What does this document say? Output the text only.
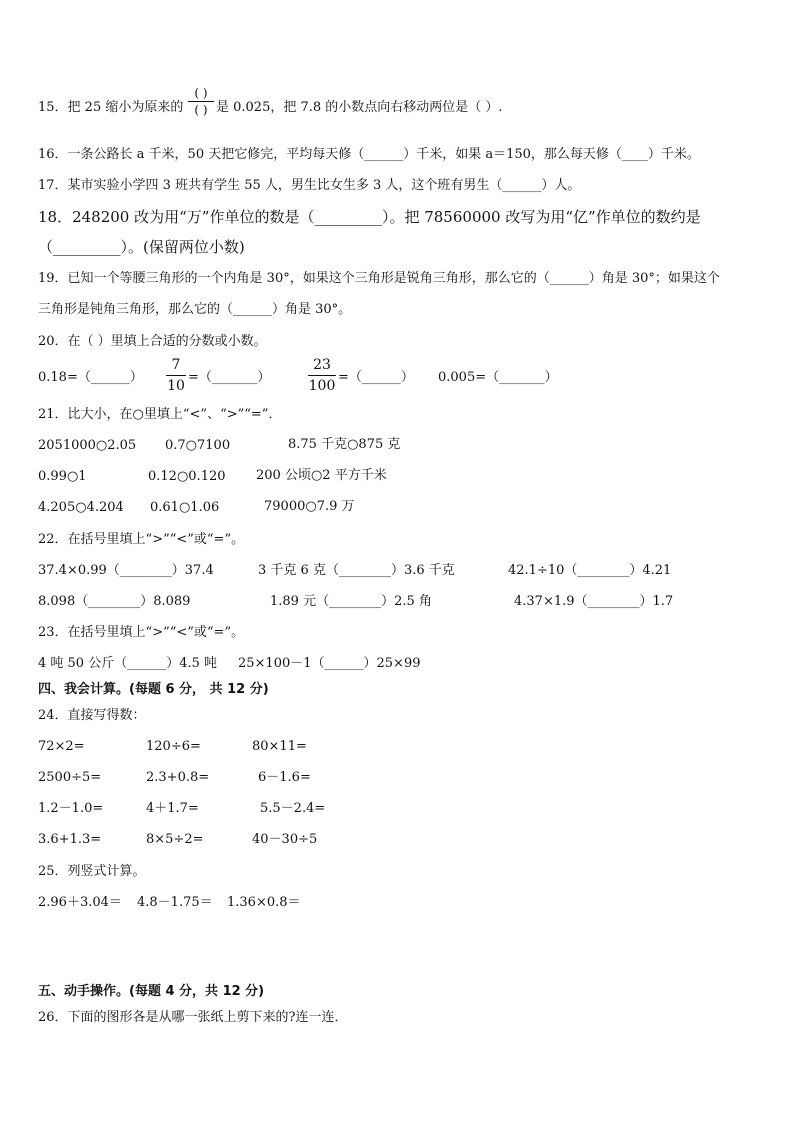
15．把 25 缩小为原来的
( )
( ) 是 0.025，把 7.8 的小数点向右移动两位是（ ）.
16．一条公路长 a 千米，50 天把它修完，平均每天修（______）千米，如果 a＝150，那么每天修（____）千米。
17．某市实验小学四 3 班共有学生 55 人，男生比女生多 3 人，这个班有男生（______）人。
18．248200 改为用“万”作单位的数是（_________）。把 78560000 改写为用“亿”作单位的数约是
（_________）。(保留两位小数)
19．已知一个等腰三角形的一个内角是 30°，如果这个三角形是锐角三角形，那么它的（______）角是 30°；如果这个
三角形是钝角三角形，那么它的（______）角是 30°。
20．在（ ）里填上合适的分数或小数。
0.18=（______）
7
10
=（_______）
23
100
=（______） 0.005=（_______）
21．比大小，在○里填上“<”、“>”“=”．
2051000○2.05 0.7○7100	8.75 千克○875 克
0.99○1	0.12○0.120 200 公顷○2 平方千米
4.205○4.204 0.61○1.06	79000○7.9 万
22．在括号里填上“>”“<”或“=”。
37.4×0.99（________）37.4	3 千克 6 克（________）3.6 千克	42.1÷10（________）4.21
8.098（________）8.089	1.89 元（________）2.5 角	4.37×1.9（________）1.7
23．在括号里填上“>”“<”或“=”。
4 吨 50 公斤（______）4.5 吨 25×100－1（______）25×99
四、我会计算。(每题 6 分， 共 12 分)
24．直接写得数：
72×2=	120÷6=	80×11=
2500÷5=	2.3+0.8=	6－1.6=
1.2－1.0=	4＋1.7=	5.5－2.4=
3.6+1.3=	8×5÷2=	40－30÷5
25．列竖式计算。
2.96＋3.04＝ 4.8－1.75＝ 1.36×0.8＝
五、动手操作。(每题 4 分，共 12 分)
26．下面的图形各是从哪一张纸上剪下来的?连一连．
